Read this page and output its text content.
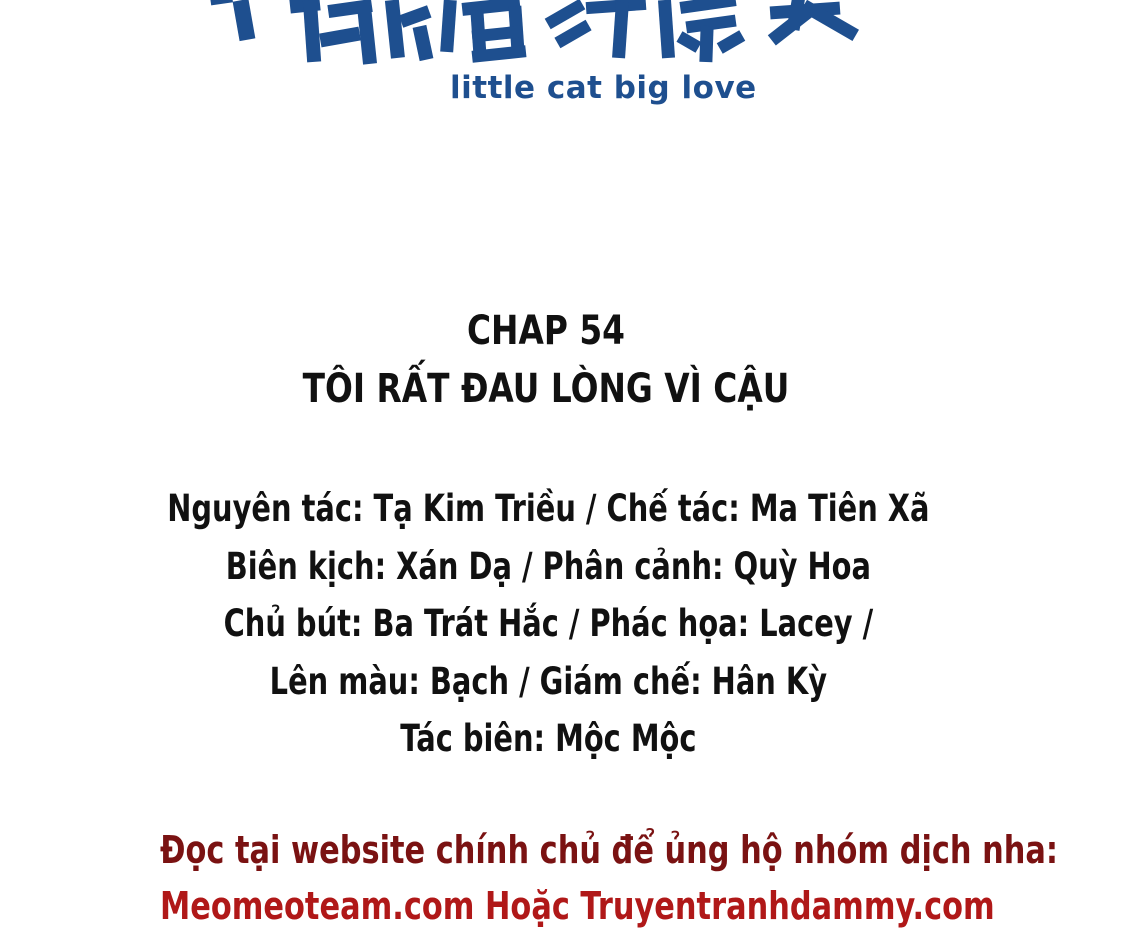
little cat big love
CHAP 54
TÔI RẤT ĐAU LÒNG VÌ CẬU
Nguyên tác: Tạ Kim Triều / Chế tác: Ma Tiên Xã
Biên kịch: Xán Dạ / Phân cảnh: Quỳ Hoa
Chủ bút: Ba Trát Hắc / Phác họa: Lacey /
Lên màu: Bạch / Giám chế: Hân Kỳ
Tác biên: Mộc Mộc
Đọc tại website chính chủ để ủng hộ nhóm dịch nha:
Meomeoteam.com Hoặc Truyentranhdammy.com
